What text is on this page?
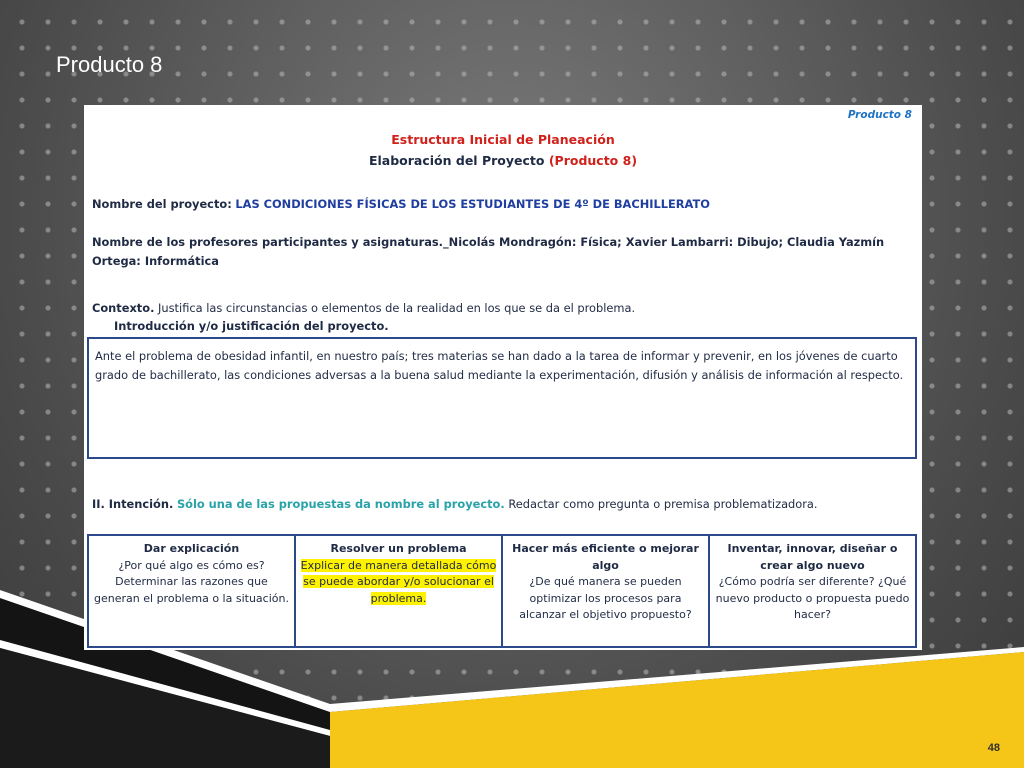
Producto 8
Producto 8
Estructura Inicial de Planeación
Elaboración del Proyecto (Producto 8)
Nombre del proyecto: LAS CONDICIONES FÍSICAS DE LOS ESTUDIANTES DE 4º DE BACHILLERATO
Nombre de los profesores participantes y asignaturas._Nicolás Mondragón: Física; Xavier Lambarri: Dibujo; Claudia Yazmín
Ortega: Informática
Contexto. Justifica las circunstancias o elementos de la realidad en los que se da el problema.
Introducción y/o justificación del proyecto.
Ante el problema de obesidad infantil, en nuestro país; tres materias se han dado a la tarea de informar y prevenir, en los jóvenes de cuarto grado de bachillerato, las condiciones adversas a la buena salud mediante la experimentación, difusión y análisis de información al respecto.
II. Intención. Sólo una de las propuestas da nombre al proyecto. Redactar como pregunta o premisa problematizadora.
Dar explicación
¿Por qué algo es cómo es? Determinar las razones que generan el problema o la situación.
Resolver un problema
Explicar de manera detallada cómo se puede abordar y/o solucionar el problema.
Hacer más eficiente o mejorar algo
¿De qué manera se pueden optimizar los procesos para alcanzar el objetivo propuesto?
Inventar, innovar, diseñar o crear algo nuevo
¿Cómo podría ser diferente? ¿Qué nuevo producto o propuesta puedo hacer?
48
